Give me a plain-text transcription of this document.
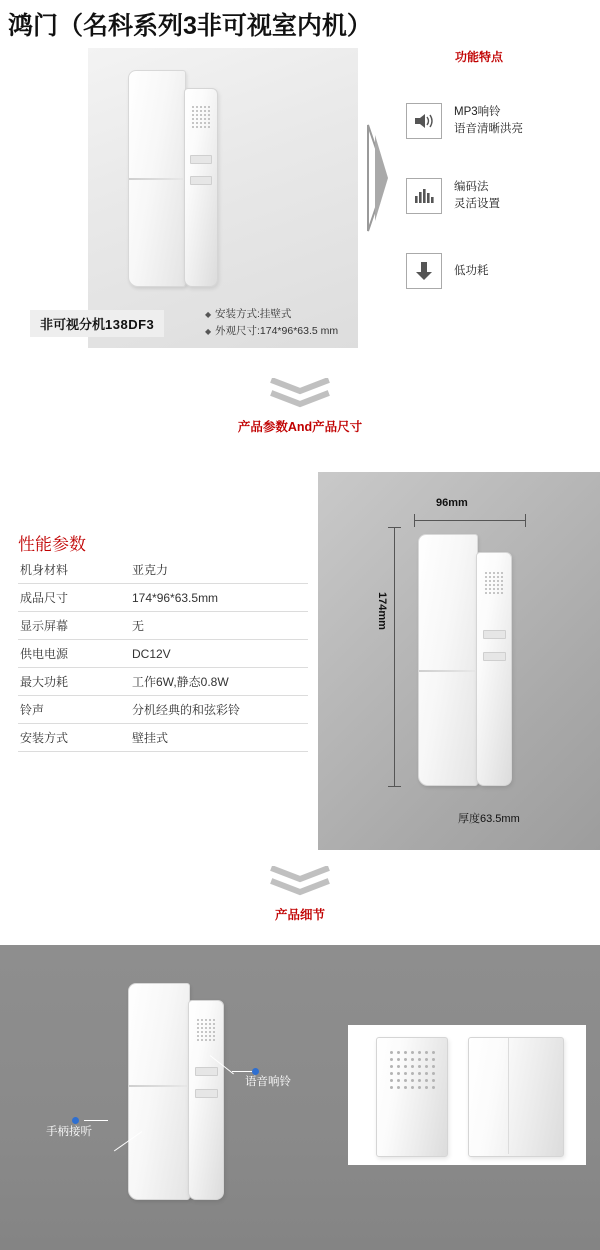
鸿门（名科系列3非可视室内机）
功能特点
MP3响铃
语音清晰洪亮
编码法
灵活设置
低功耗
非可视分机138DF3
◆ 安装方式:挂壁式
◆ 外观尺寸:174*96*63.5 mm
产品参数And产品尺寸
性能参数
机身材料	亚克力
成品尺寸	174*96*63.5mm
显示屏幕	无
供电电源	DC12V
最大功耗	工作6W,静态0.8W
铃声	分机经典的和弦彩铃
安装方式	壁挂式
96mm
174mm
厚度63.5mm
产品细节
语音响铃
手柄接听
